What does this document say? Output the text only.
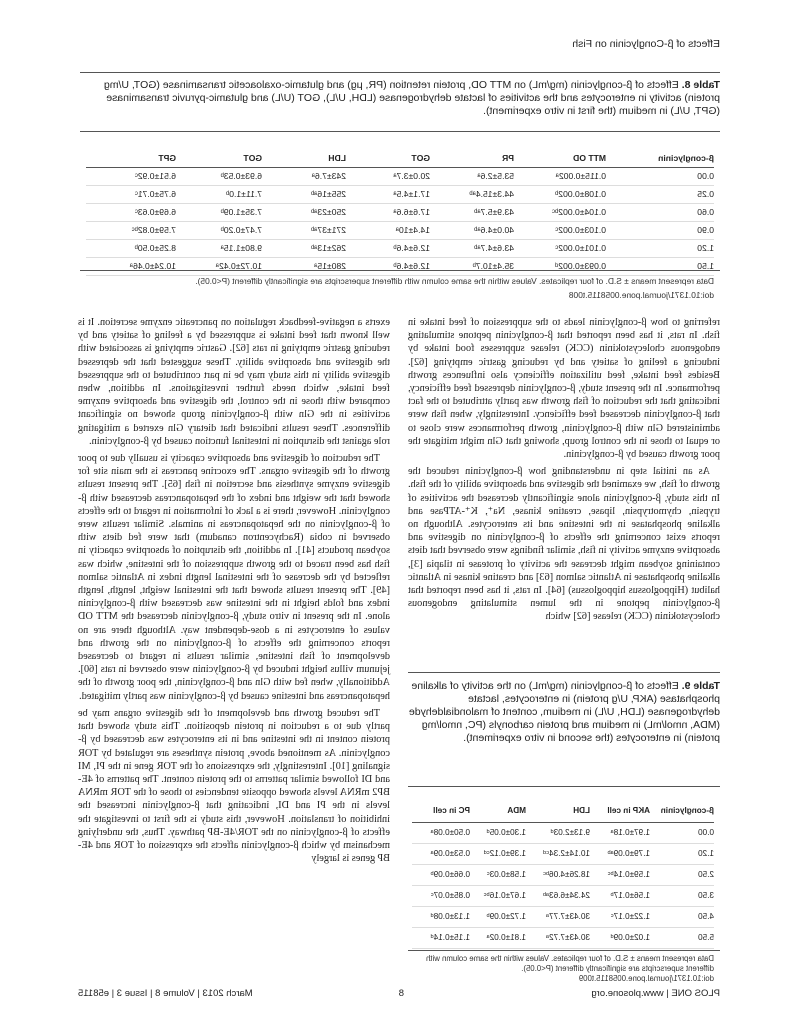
Effects of β-Conglycinin on Fish
Table 8. Effects of β-conglycinin (mg/mL) on MTT OD, protein retention (PR, μg) and glutamic-oxaloacetic transaminase (GOT, U/mg protein) activity in enterocytes and the activities of lactate dehydrogenase (LDH, U/L), GOT (U/L) and glutamic-pyruvic transaminase (GPT, U/L) in medium (the first in vitro experiment).
β-conglycinin	MTT OD	PR	GOT	LDH	GOT	GPT
0.00	0.115±0.002ᵃ	53.5±2.6ᵃ	20.0±3.7ᵃ	243±7.6ᵃ	6.93±0.53ᵇ	6.51±0.92ᶜ
0.25	0.108±0.002ᵇ	44.3±15.4ᵃᵇ	17.1±4.5ᵃ	255±16ᵃᵇ	7.11±1.0ᵇ	6.75±0.71ᶜ
0.60	0.104±0.002ᵇᶜ	43.9±5.7ᵃᵇ	17.6±6.6ᵃ	250±23ᵃᵇ	7.35±1.09ᵇ	6.69±0.63ᶜ
0.90	0.103±0.002ᶜ	40.0±4.6ᵃᵇ	14.4±10ᵃ	271±37ᵃᵇ	7.47±0.20ᵇ	7.59±0.82ᵇᶜ
1.20	0.101±0.002ᶜ	43.6±4.7ᵃᵇ	12.6±4.6ᵇ	262±13ᵃᵇ	9.80±1.15ᵃ	8.25±0.50ᵇ
1.50	0.093±0.002ᵈ	35.4±10.7ᵇ	12.6±4.6ᵇ	280±15ᵃ	10.72±0.42ᵃ	10.24±0.46ᵃ
Data represent means ± S.D. of four replicates. Values within the same column with different superscripts are significantly different (P<0.05).
doi:10.1371/journal.pone.0058115.t008

referring to how β-conglycinin leads to the suppression of feed intake in fish. In rats, it has been reported that β-conglycinin peptone stimulating endogenous cholecystokinin (CCK) release suppresses food intake by inducing a feeling of satiety and by reducing gastric emptying [62]. Besides feed intake, feed utilization efficiency also influences growth performance. In the present study, β-conglycinin depressed feed efficiency, indicating that the reduction of fish growth was partly attributed to the fact that β-conglycinin decreased feed efficiency. Interestingly, when fish were administered Gln with β-conglycinin, growth performances were close to or equal to those in the control group, showing that Gln might mitigate the poor growth caused by β-conglycinin.

As an initial step in understanding how β-conglycinin reduced the growth of fish, we examined the digestive and absorptive ability of the fish. In this study, β-conglycinin alone significantly decreased the activities of trypsin, chymotrypsin, lipase, creatine kinase, Na⁺, K⁺-ATPase and alkaline phosphatase in the intestine and its enterocytes. Although no reports exist concerning the effects of β-conglycinin on digestive and absorptive enzyme activity in fish, similar findings were observed that diets containing soybean might decrease the activity of protease in tilapia [3], alkaline phosphatase in Atlantic salmon [63] and creatine kinase in Atlantic halibut (Hippoglossus hippoglossus) [64]. In rats, it has been reported that β-conglycinin peptone in the lumen stimulating endogenous cholecystokinin (CCK) release [62] which

Table 9. Effects of β-conglycinin (mg/mL) on the activity of alkaline phosphatase (AKP, U/g protein) in enterocytes, lactate dehydrogenase (LDH, U/L) in medium, content of malondialdehyde (MDA, nmol/mL) in medium and protein carbonyls (PC, nmol/mg protein) in enterocytes (the second in vitro experiment).
β-conglycinin	AKP in cell	LDH	MDA	PC in cell
0.00	1.97±0.18ᵃ	9.13±2.03ᵈ	1.30±0.05ᵈ	0.50±0.08ᵃ
1.20	1.79±0.09ᵃᵇ	10.14±2.34ᶜᵈ	1.39±0.12ᶜᵈ	0.53±0.09ᵃ
2.50	1.59±0.14ᵇᶜ	18.26±4.06ᵇᶜ	1.58±0.03ᶜ	0.66±0.09ᵇ
3.50	1.56±0.17ᵇ	24.34±6.63ᵃᵇ	1.67±0.16ᵇᶜ	0.85±0.07ᶜ
4.50	1.22±0.17ᶜ	30.43±7.77ᵃ	1.72±0.09ᵇ	1.13±0.08ᵈ
5.50	1.02±0.09ᵈ	30.43±7.72ᵃ	1.81±0.02ᵃ	1.15±0.14ᵈ
Data represent means ± S.D. of four replicates. Values within the same column with different superscripts are significantly different (P<0.05).
doi:10.1371/journal.pone.0058115.t009

exerts a negative-feedback regulation on pancreatic enzyme secretion. It is well known that feed intake is suppressed by a feeling of satiety and by reducing gastric emptying in rats [62]. Gastric emptying is associated with the digestive and absorptive ability. These suggested that the depressed digestive ability in this study may be in part contributed to the suppressed feed intake, which needs further investigations. In addition, when compared with those in the control, the digestive and absorptive enzyme activities in the Gln with β-conglycinin group showed no significant differences. These results indicated that dietary Gln exerted a mitigating role against the disruption in intestinal function caused by β-conglycinin.

The reduction of digestive and absorptive capacity is usually due to poor growth of the digestive organs. The exocrine pancreas is the main site for digestive enzyme synthesis and secretion in fish [65]. The present results showed that the weight and index of the hepatopancreas decreased with β-conglycinin. However, there is a lack of information in regard to the effects of β-conglycinin on the hepatopancreas in animals. Similar results were observed in cobia (Rachycentron canadum) that were fed diets with soybean products [41]. In addition, the disruption of absorptive capacity in fish has been traced to the growth suppression of the intestine, which was reflected by the decrease of the intestinal length index in Atlantic salmon [49]. The present results showed that the intestinal weight, length, length index and folds height in the intestine was decreased with β-conglycinin alone. In the present in vitro study, β-conglycinin decreased the MTT OD values of enterocytes in a dose-dependent way. Although there are no reports concerning the effects of β-conglycinin on the growth and development of fish intestine, similar results in regard to decreased jejunum villus height induced by β-conglycinin were observed in rats [60]. Additionally, when fed with Gln and β-conglycinin, the poor growth of the hepatopancreas and intestine caused by β-conglycinin was partly mitigated.

The reduced growth and development of the digestive organs may be partly due to a reduction in protein deposition. This study showed that protein content in the intestine and in its enterocytes was decreased by β-conglycinin. As mentioned above, protein syntheses are regulated by TOR signaling [10]. Interestingly, the expressions of the TOR gene in the PI, MI and DI followed similar patterns to the protein content. The patterns of 4E-BP2 mRNA levels showed opposite tendencies to those of the TOR mRNA levels in the PI and DI, indicating that β-conglycinin increased the inhibition of translation. However, this study is the first to investigate the effects of β-conglycinin on the TOR/4E-BP pathway. Thus, the underlying mechanism by which β-conglycinin affects the expression of TOR and 4E-BP genes is largely

PLOS ONE | www.plosone.org
8
March 2013 | Volume 8 | Issue 3 | e58115
